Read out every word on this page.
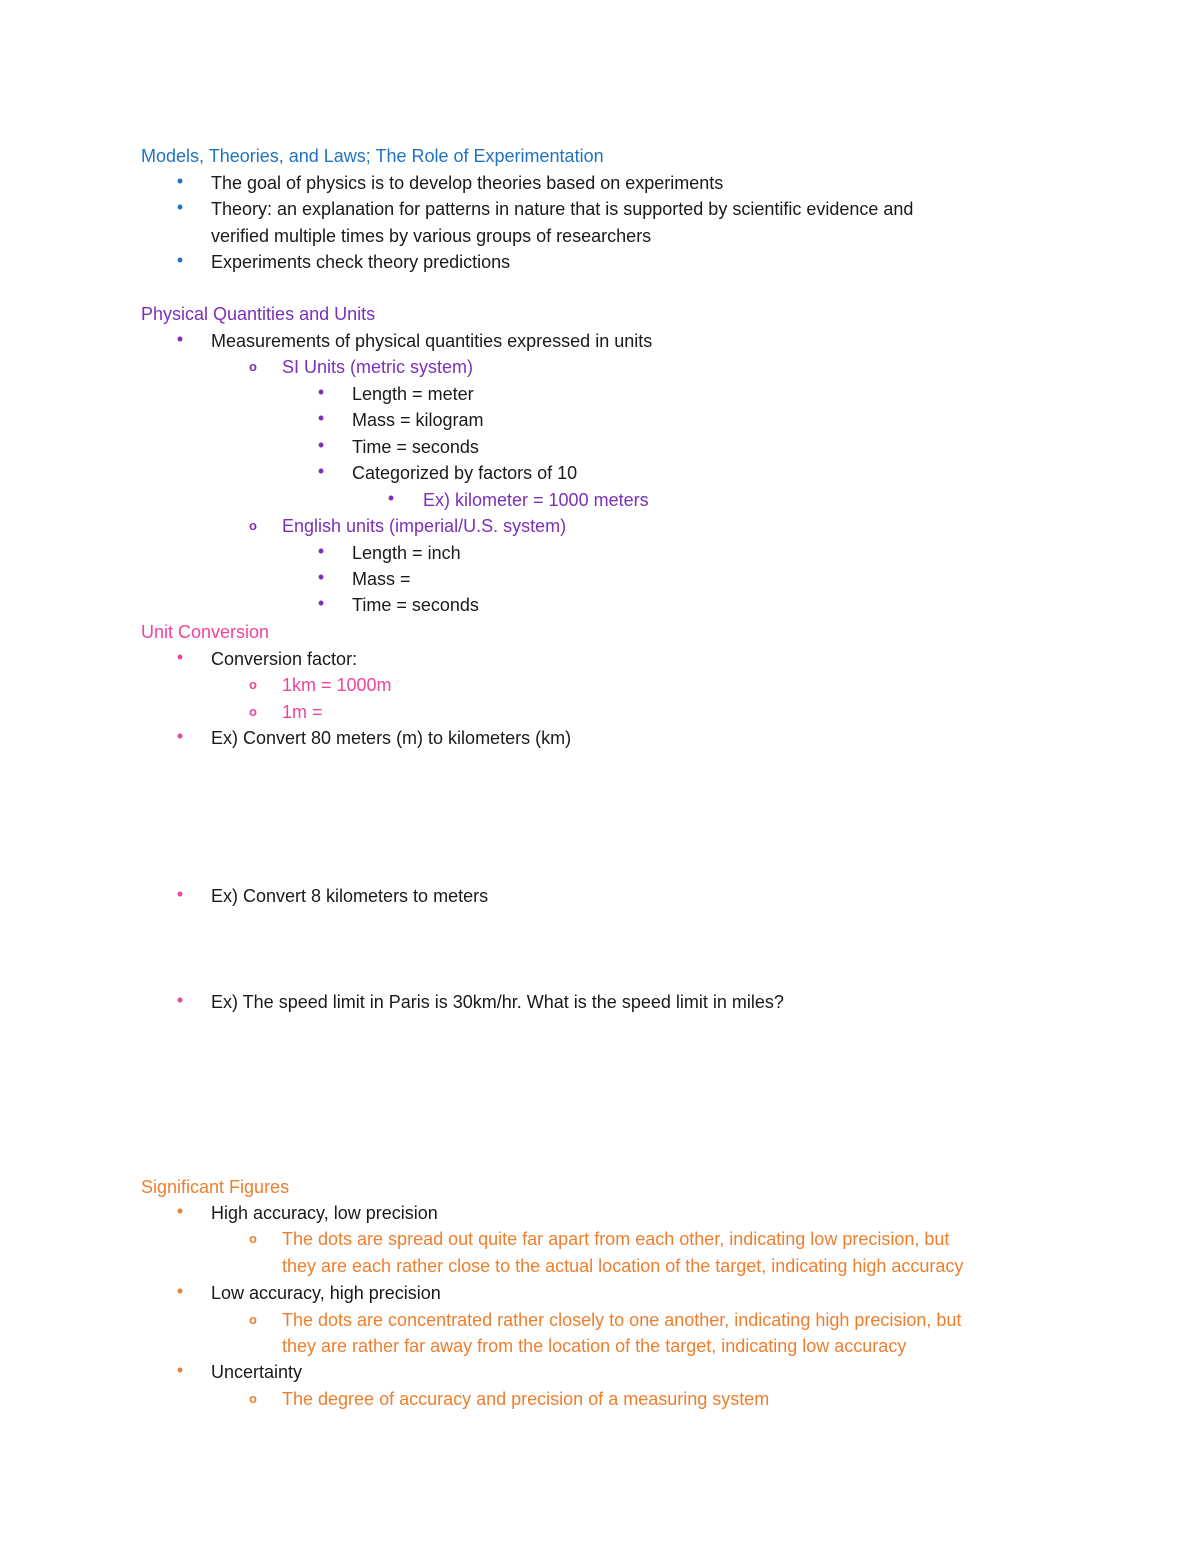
Models, Theories, and Laws; The Role of Experimentation
•	The goal of physics is to develop theories based on experiments
•	Theory: an explanation for patterns in nature that is supported by scientific evidence and
verified multiple times by various groups of researchers
•	Experiments check theory predictions
Physical Quantities and Units
•	Measurements of physical quantities expressed in units
o	SI Units (metric system)
•	Length = meter
•	Mass = kilogram
•	Time = seconds
•	Categorized by factors of 10
•	Ex) kilometer = 1000 meters
o	English units (imperial/U.S. system)
•	Length = inch
•	Mass =
•	Time = seconds
Unit Conversion
•	Conversion factor:
o	1km = 1000m
o	1m =
•	Ex) Convert 80 meters (m) to kilometers (km)
•	Ex) Convert 8 kilometers to meters
•	Ex) The speed limit in Paris is 30km/hr. What is the speed limit in miles?
Significant Figures
•	High accuracy, low precision
o	The dots are spread out quite far apart from each other, indicating low precision, but
they are each rather close to the actual location of the target, indicating high accuracy
•	Low accuracy, high precision
o	The dots are concentrated rather closely to one another, indicating high precision, but
they are rather far away from the location of the target, indicating low accuracy
•	Uncertainty
o	The degree of accuracy and precision of a measuring system
